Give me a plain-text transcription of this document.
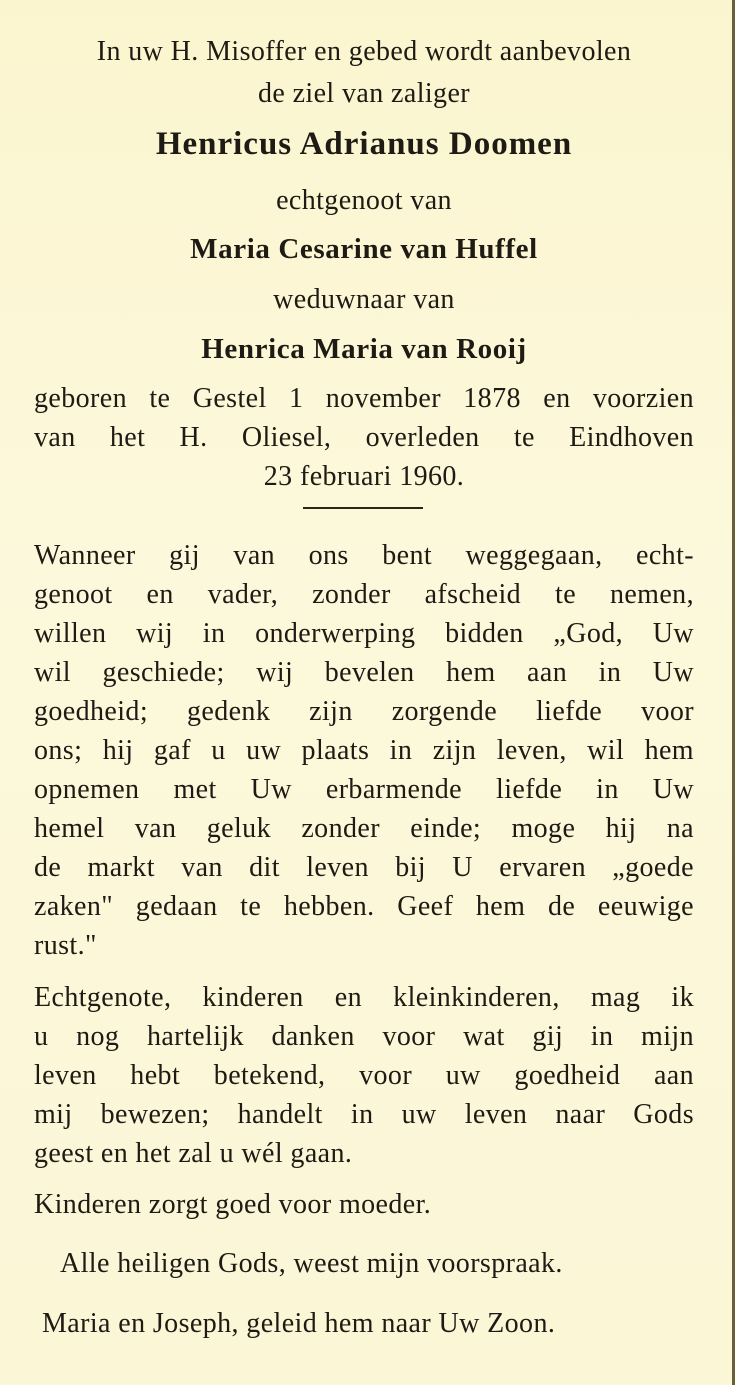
In uw H. Misoffer en gebed wordt aanbevolen
de ziel van zaliger
Henricus Adrianus Doomen
echtgenoot van
Maria Cesarine van Huffel
weduwnaar van
Henrica Maria van Rooij
geboren te Gestel 1 november 1878 en voorzien
van het H. Oliesel, overleden te Eindhoven
23 februari 1960.
Wanneer gij van ons bent weggegaan, echt-
genoot en vader, zonder afscheid te nemen,
willen wij in onderwerping bidden „God, Uw
wil geschiede; wij bevelen hem aan in Uw
goedheid; gedenk zijn zorgende liefde voor
ons; hij gaf u uw plaats in zijn leven, wil hem
opnemen met Uw erbarmende liefde in Uw
hemel van geluk zonder einde; moge hij na
de markt van dit leven bij U ervaren „goede
zaken" gedaan te hebben. Geef hem de eeuwige
rust."
Echtgenote, kinderen en kleinkinderen, mag ik
u nog hartelijk danken voor wat gij in mijn
leven hebt betekend, voor uw goedheid aan
mij bewezen; handelt in uw leven naar Gods
geest en het zal u wél gaan.
Kinderen zorgt goed voor moeder.
Alle heiligen Gods, weest mijn voorspraak.
Maria en Joseph, geleid hem naar Uw Zoon.
